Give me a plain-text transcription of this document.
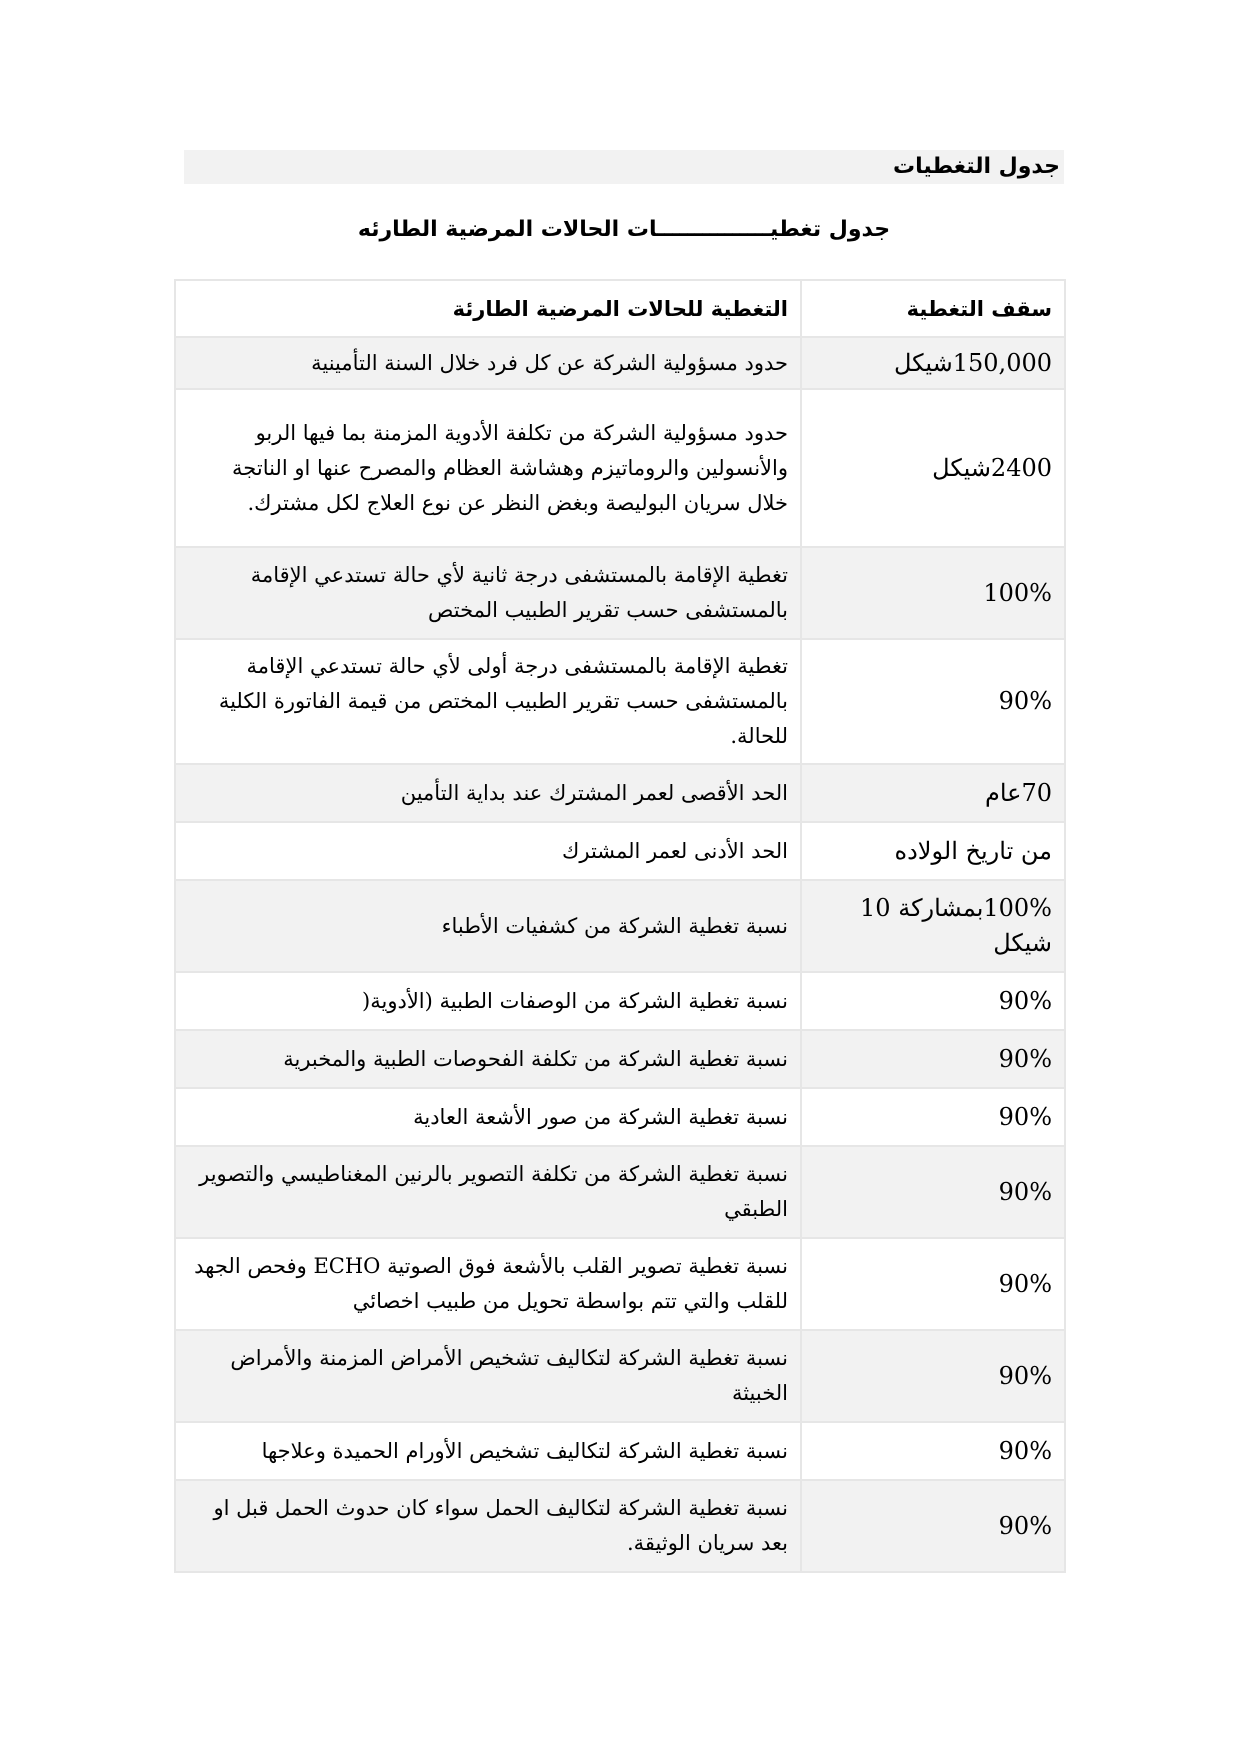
جدول التغطيات
جدول تغطيـــــــــــــــات الحالات المرضية الطارئه
سقف التغطية	التغطية للحالات المرضية الطارئة
150,000شيكل	حدود مسؤولية الشركة عن كل فرد خلال السنة التأمينية
2400شيكل	حدود مسؤولية الشركة من تكلفة الأدوية المزمنة بما فيها الربو والأنسولين والروماتيزم وهشاشة العظام والمصرح عنها او الناتجة خلال سريان البوليصة وبغض النظر عن نوع العلاج لكل مشترك.
100%	تغطية الإقامة بالمستشفى درجة ثانية لأي حالة تستدعي الإقامة بالمستشفى حسب تقرير الطبيب المختص
90%	تغطية الإقامة بالمستشفى درجة أولى لأي حالة تستدعي الإقامة بالمستشفى حسب تقرير الطبيب المختص من قيمة الفاتورة الكلية للحالة.
70عام	الحد الأقصى لعمر المشترك عند بداية التأمين
من تاريخ الولاده	الحد الأدنى لعمر المشترك
100%بمشاركة 10 شيكل	نسبة تغطية الشركة من كشفيات الأطباء
90%	نسبة تغطية الشركة من الوصفات الطبية (الأدوية(
90%	نسبة تغطية الشركة من تكلفة الفحوصات الطبية والمخبرية
90%	نسبة تغطية الشركة من صور الأشعة العادية
90%	نسبة تغطية الشركة من تكلفة التصوير بالرنين المغناطيسي والتصوير الطبقي
90%	نسبة تغطية تصوير القلب بالأشعة فوق الصوتية ECHO وفحص الجهد للقلب والتي تتم بواسطة تحويل من طبيب اخصائي
90%	نسبة تغطية الشركة لتكاليف تشخيص الأمراض المزمنة والأمراض الخبيثة
90%	نسبة تغطية الشركة لتكاليف تشخيص الأورام الحميدة وعلاجها
90%	نسبة تغطية الشركة لتكاليف الحمل سواء كان حدوث الحمل قبل او بعد سريان الوثيقة.
